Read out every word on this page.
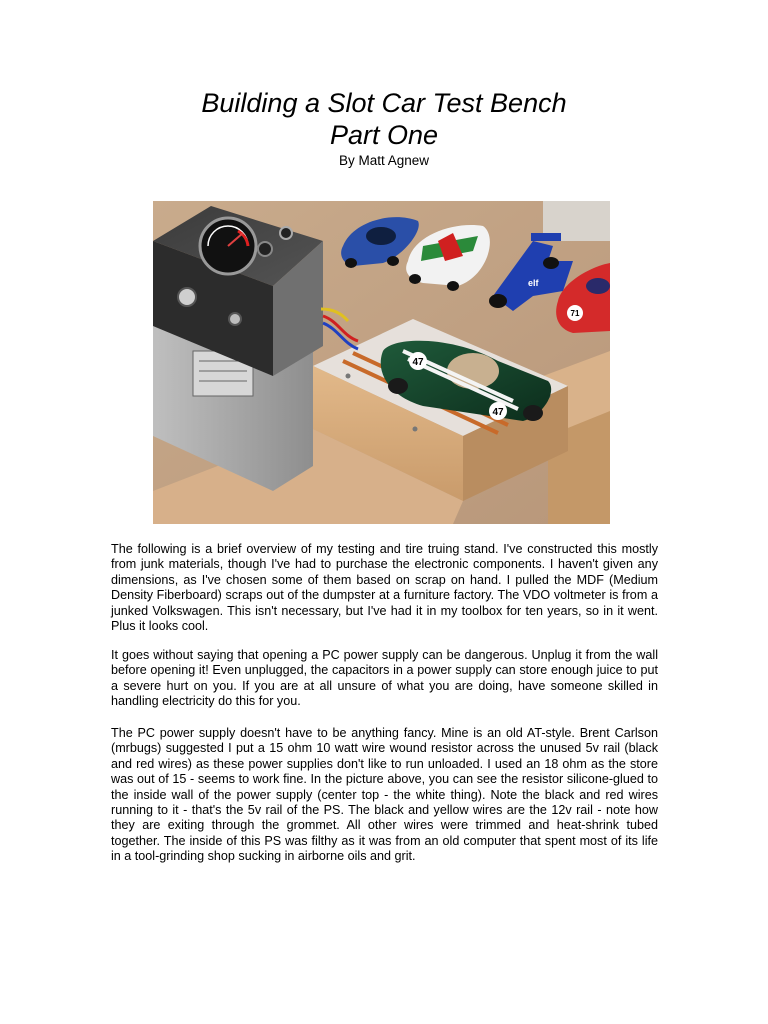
Building a Slot Car Test Bench
Part One
By Matt Agnew
47
47
elf
71

The following is a brief overview of my testing and tire truing stand. I've constructed this mostly from junk materials, though I've had to purchase the electronic components. I haven't given any dimensions, as I've chosen some of them based on scrap on hand. I pulled the MDF (Medium Density Fiberboard) scraps out of the dumpster at a furniture factory. The VDO voltmeter is from a junked Volkswagen. This isn't necessary, but I've had it in my toolbox for ten years, so in it went. Plus it looks cool.

It goes without saying that opening a PC power supply can be dangerous. Unplug it from the wall before opening it! Even unplugged, the capacitors in a power supply can store enough juice to put a severe hurt on you. If you are at all unsure of what you are doing, have someone skilled in handling electricity do this for you.

The PC power supply doesn't have to be anything fancy. Mine is an old AT-style. Brent Carlson (mrbugs) suggested I put a 15 ohm 10 watt wire wound resistor across the unused 5v rail (black and red wires) as these power supplies don't like to run unloaded. I used an 18 ohm as the store was out of 15 - seems to work fine. In the picture above, you can see the resistor silicone-glued to the inside wall of the power supply (center top - the white thing). Note the black and red wires running to it - that's the 5v rail of the PS. The black and yellow wires are the 12v rail - note how they are exiting through the grommet. All other wires were trimmed and heat-shrink tubed together. The inside of this PS was filthy as it was from an old computer that spent most of its life in a tool-grinding shop sucking in airborne oils and grit.
